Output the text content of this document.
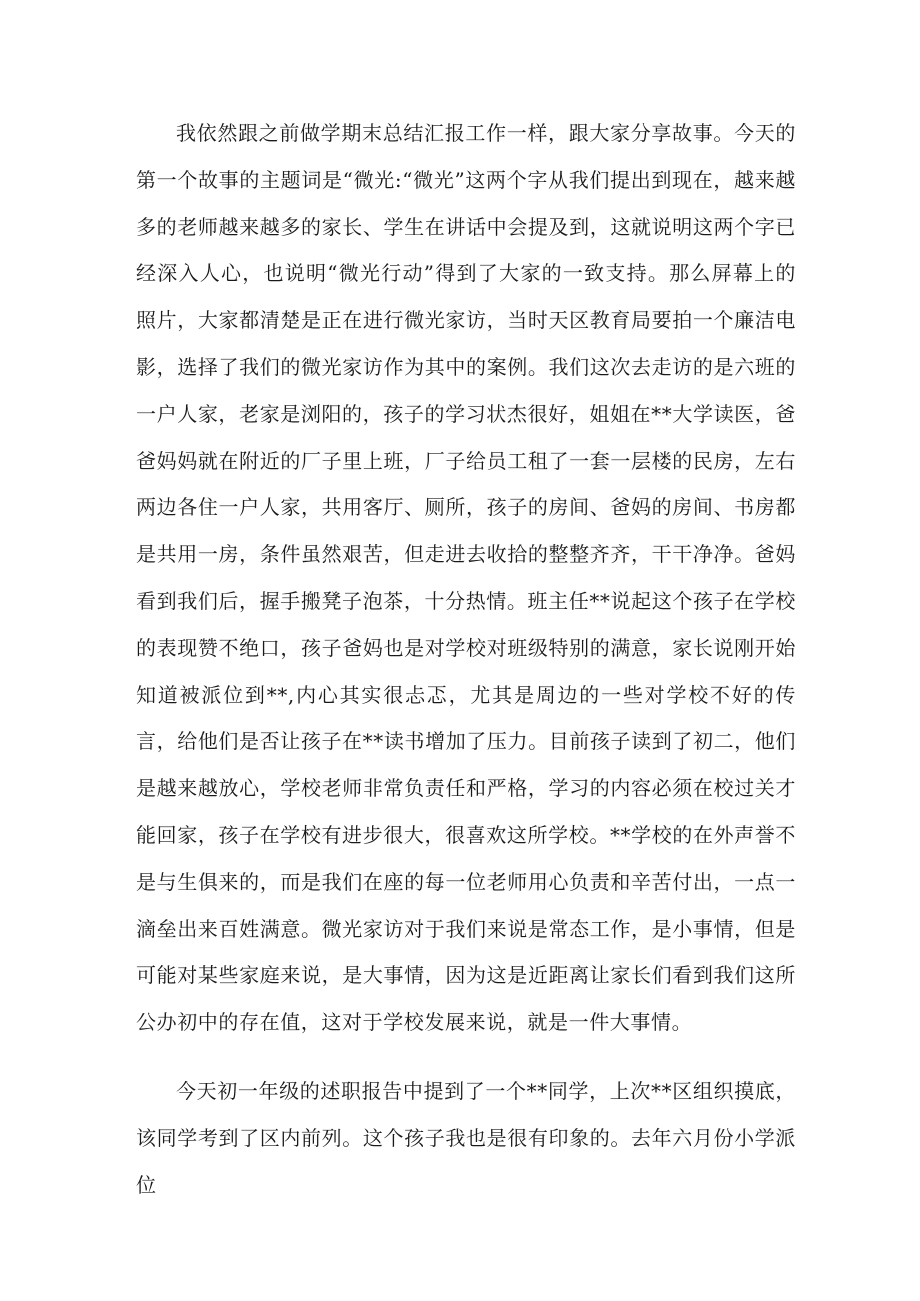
我依然跟之前做学期末总结汇报工作一样，跟大家分享故事。今天的第一个故事的主题词是“微光:“微光”这两个字从我们提出到现在，越来越多的老师越来越多的家长、学生在讲话中会提及到，这就说明这两个字已经深入人心，也说明“微光行动”得到了大家的一致支持。那么屏幕上的照片，大家都清楚是正在进行微光家访，当时天区教育局要拍一个廉洁电影，选择了我们的微光家访作为其中的案例。我们这次去走访的是六班的一户人家，老家是浏阳的，孩子的学习状杰很好，姐姐在**大学读医，爸爸妈妈就在附近的厂子里上班，厂子给员工租了一套一层楼的民房，左右两边各住一户人家，共用客厅、厕所，孩子的房间、爸妈的房间、书房都是共用一房，条件虽然艰苦，但走进去收拾的整整齐齐，干干净净。爸妈看到我们后，握手搬凳子泡茶，十分热情。班主任**说起这个孩子在学校的表现赞不绝口，孩子爸妈也是对学校对班级特别的满意，家长说刚开始知道被派位到**,内心其实很忐忑，尤其是周边的一些对学校不好的传言，给他们是否让孩子在**读书增加了压力。目前孩子读到了初二，他们是越来越放心，学校老师非常负责任和严格，学习的内容必须在校过关才能回家，孩子在学校有进步很大，很喜欢这所学校。**学校的在外声誉不是与生俱来的，而是我们在座的每一位老师用心负责和辛苦付出，一点一滴垒出来百姓满意。微光家访对于我们来说是常态工作，是小事情，但是可能对某些家庭来说，是大事情，因为这是近距离让家长们看到我们这所公办初中的存在值，这对于学校发展来说，就是一件大事情。

今天初一年级的述职报告中提到了一个**同学，上次**区组织摸底，该同学考到了区内前列。这个孩子我也是很有印象的。去年六月份小学派位
